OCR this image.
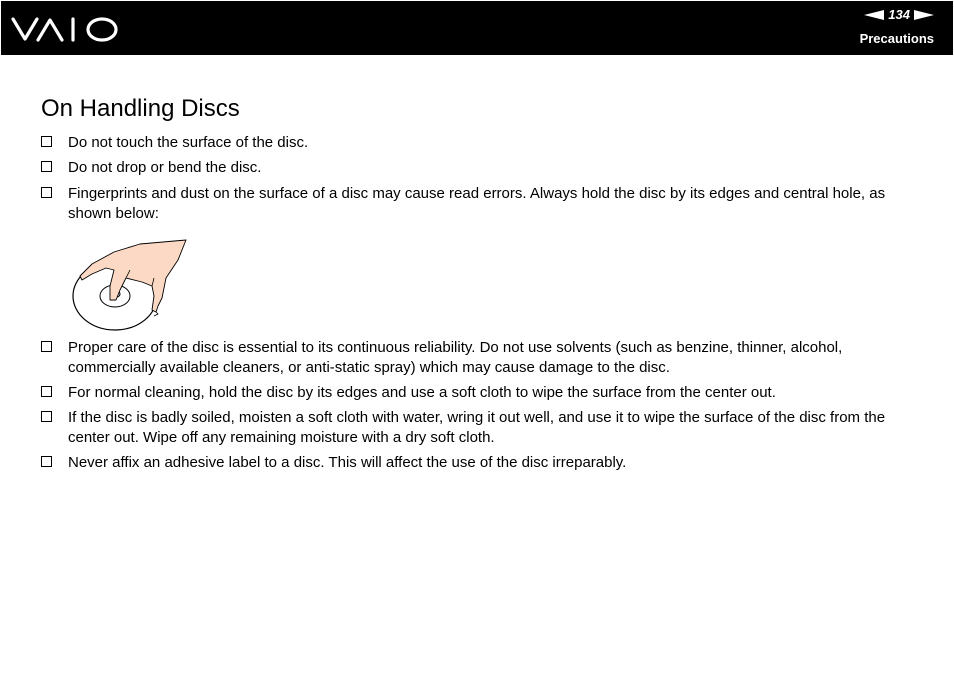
134
Precautions
On Handling Discs
Do not touch the surface of the disc.
Do not drop or bend the disc.
Fingerprints and dust on the surface of a disc may cause read errors. Always hold the disc by its edges and central hole, as shown below:
Proper care of the disc is essential to its continuous reliability. Do not use solvents (such as benzine, thinner, alcohol, commercially available cleaners, or anti-static spray) which may cause damage to the disc.
For normal cleaning, hold the disc by its edges and use a soft cloth to wipe the surface from the center out.
If the disc is badly soiled, moisten a soft cloth with water, wring it out well, and use it to wipe the surface of the disc from the center out. Wipe off any remaining moisture with a dry soft cloth.
Never affix an adhesive label to a disc. This will affect the use of the disc irreparably.
